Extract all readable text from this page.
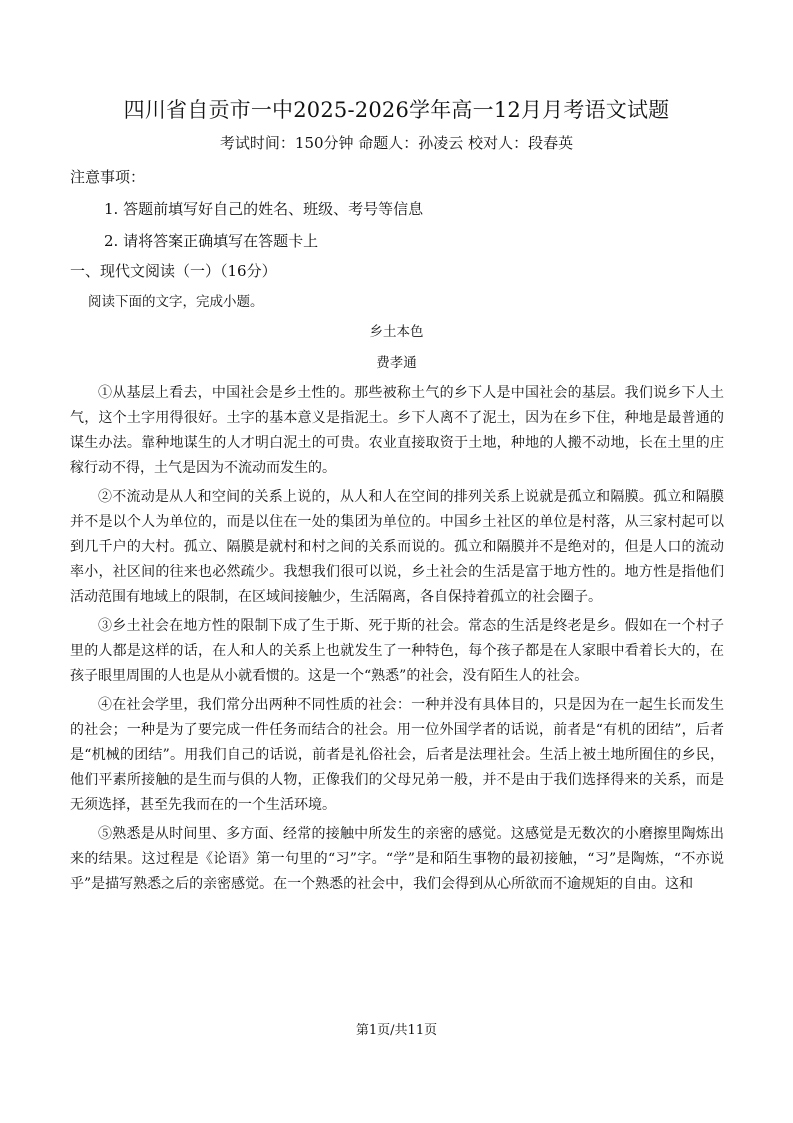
四川省自贡市一中2025-2026学年高一12月月考语文试题
考试时间：150分钟 命题人：孙凌云 校对人：段春英
注意事项：
1. 答题前填写好自己的姓名、班级、考号等信息
2. 请将答案正确填写在答题卡上
一、现代文阅读（一）（16分）
阅读下面的文字，完成小题。
乡土本色
费孝通

①从基层上看去，中国社会是乡土性的。那些被称土气的乡下人是中国社会的基层。我们说乡下人土气，这个土字用得很好。土字的基本意义是指泥土。乡下人离不了泥土，因为在乡下住，种地是最普通的谋生办法。靠种地谋生的人才明白泥土的可贵。农业直接取资于土地，种地的人搬不动地，长在土里的庄稼行动不得，土气是因为不流动而发生的。

②不流动是从人和空间的关系上说的，从人和人在空间的排列关系上说就是孤立和隔膜。孤立和隔膜并不是以个人为单位的，而是以住在一处的集团为单位的。中国乡土社区的单位是村落，从三家村起可以到几千户的大村。孤立、隔膜是就村和村之间的关系而说的。孤立和隔膜并不是绝对的，但是人口的流动率小，社区间的往来也必然疏少。我想我们很可以说，乡土社会的生活是富于地方性的。地方性是指他们活动范围有地域上的限制，在区域间接触少，生活隔离，各自保持着孤立的社会圈子。

③乡土社会在地方性的限制下成了生于斯、死于斯的社会。常态的生活是终老是乡。假如在一个村子里的人都是这样的话，在人和人的关系上也就发生了一种特色，每个孩子都是在人家眼中看着长大的，在孩子眼里周围的人也是从小就看惯的。这是一个“熟悉”的社会，没有陌生人的社会。

④在社会学里，我们常分出两种不同性质的社会：一种并没有具体目的，只是因为在一起生长而发生的社会；一种是为了要完成一件任务而结合的社会。用一位外国学者的话说，前者是“有机的团结”，后者是“机械的团结”。用我们自己的话说，前者是礼俗社会，后者是法理社会。生活上被土地所囿住的乡民，他们平素所接触的是生而与俱的人物，正像我们的父母兄弟一般，并不是由于我们选择得来的关系，而是无须选择，甚至先我而在的一个生活环境。

⑤熟悉是从时间里、多方面、经常的接触中所发生的亲密的感觉。这感觉是无数次的小磨擦里陶炼出来的结果。这过程是《论语》第一句里的“习”字。“学”是和陌生事物的最初接触，“习”是陶炼，“不亦说乎”是描写熟悉之后的亲密感觉。在一个熟悉的社会中，我们会得到从心所欲而不逾规矩的自由。这和

第1页/共11页
